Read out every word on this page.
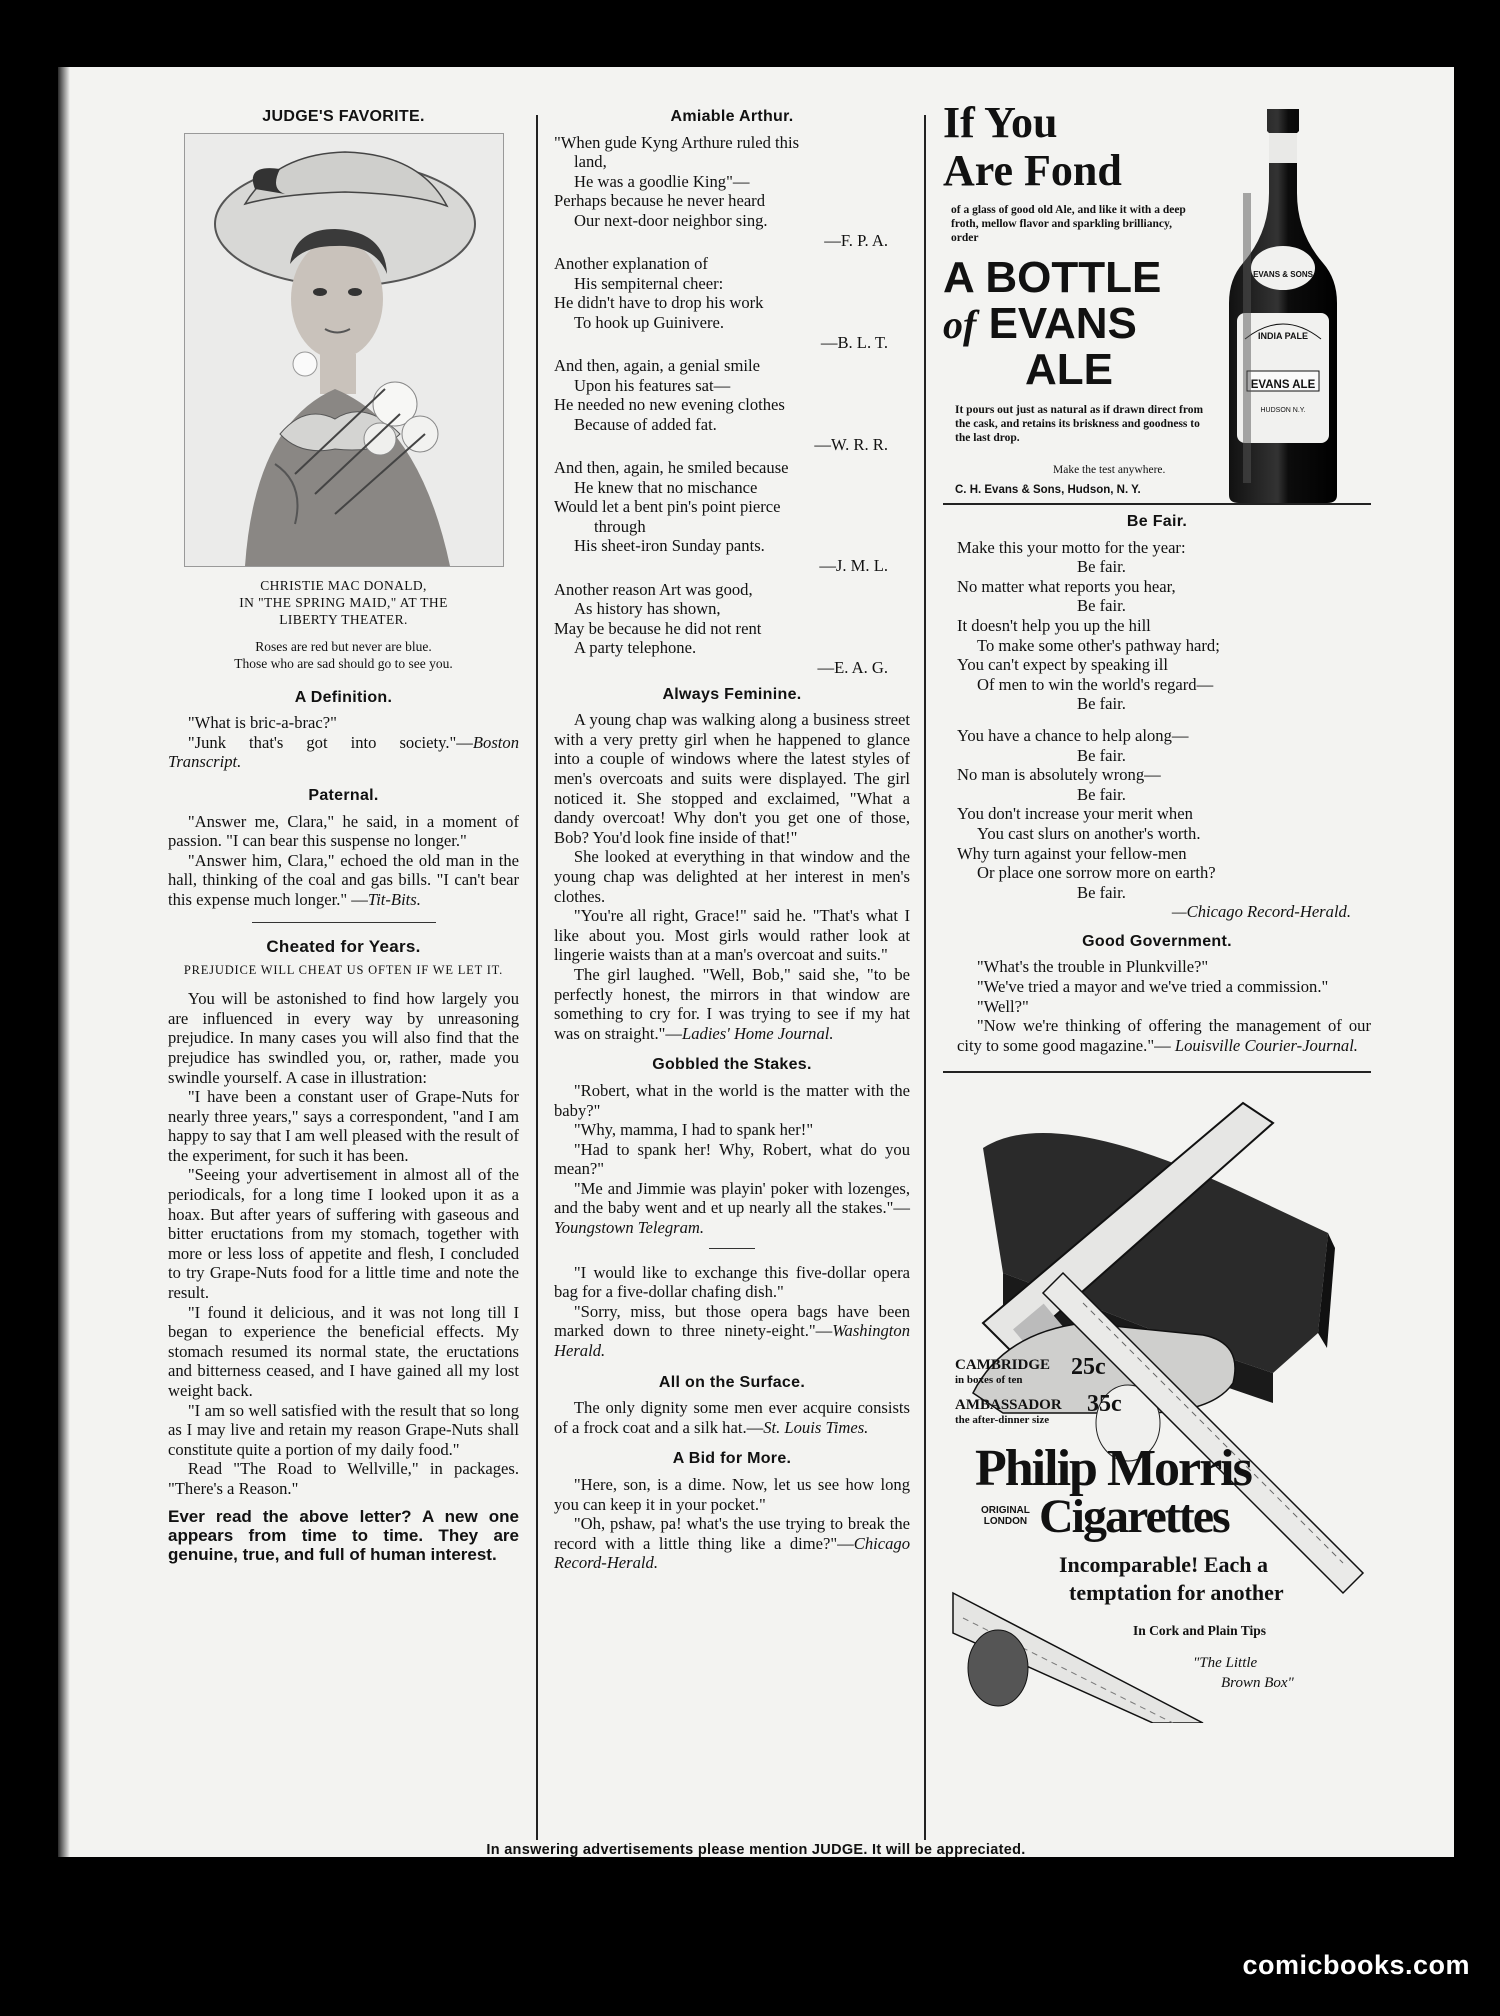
JUDGE'S FAVORITE.
CHRISTIE MAC DONALD,
IN "THE SPRING MAID," AT THE
LIBERTY THEATER.
Roses are red but never are blue.
Those who are sad should go to see you.
A Definition.

"What is bric-a-brac?"

"Junk that's got into society."—Boston Transcript.

Paternal.

"Answer me, Clara," he said, in a moment of passion. "I can bear this suspense no longer."

"Answer him, Clara," echoed the old man in the hall, thinking of the coal and gas bills. "I can't bear this expense much longer." —Tit-Bits.

Cheated for Years.
PREJUDICE WILL CHEAT US OFTEN IF WE LET IT.

You will be astonished to find how largely you are influenced in every way by unreasoning prejudice. In many cases you will also find that the prejudice has swindled you, or, rather, made you swindle yourself. A case in illustration:

"I have been a constant user of Grape-Nuts for nearly three years," says a correspondent, "and I am happy to say that I am well pleased with the result of the experiment, for such it has been.

"Seeing your advertisement in almost all of the periodicals, for a long time I looked upon it as a hoax. But after years of suffering with gaseous and bitter eructations from my stomach, together with more or less loss of appetite and flesh, I concluded to try Grape-Nuts food for a little time and note the result.

"I found it delicious, and it was not long till I began to experience the beneficial effects. My stomach resumed its normal state, the eructations and bitterness ceased, and I have gained all my lost weight back.

"I am so well satisfied with the result that so long as I may live and retain my reason Grape-Nuts shall constitute quite a portion of my daily food."

Read "The Road to Wellville," in packages. "There's a Reason."

Ever read the above letter? A new one appears from time to time. They are genuine, true, and full of human interest.
Amiable Arthur.
"When gude Kyng Arthure ruled this
land,
He was a goodlie King"—
Perhaps because he never heard
Our next-door neighbor sing.
—F. P. A.
Another explanation of
His sempiternal cheer:
He didn't have to drop his work
To hook up Guinivere.
—B. L. T.
And then, again, a genial smile
Upon his features sat—
He needed no new evening clothes
Because of added fat.
—W. R. R.
And then, again, he smiled because
He knew that no mischance
Would let a bent pin's point pierce
through
His sheet-iron Sunday pants.
—J. M. L.
Another reason Art was good,
As history has shown,
May be because he did not rent
A party telephone.
—E. A. G.
Always Feminine.

A young chap was walking along a business street with a very pretty girl when he happened to glance into a couple of windows where the latest styles of men's overcoats and suits were displayed. The girl noticed it. She stopped and exclaimed, "What a dandy overcoat! Why don't you get one of those, Bob? You'd look fine inside of that!"

She looked at everything in that window and the young chap was delighted at her interest in men's clothes.

"You're all right, Grace!" said he. "That's what I like about you. Most girls would rather look at lingerie waists than at a man's overcoat and suits."

The girl laughed. "Well, Bob," said she, "to be perfectly honest, the mirrors in that window are something to cry for. I was trying to see if my hat was on straight."—Ladies' Home Journal.

Gobbled the Stakes.

"Robert, what in the world is the matter with the baby?"

"Why, mamma, I had to spank her!"

"Had to spank her! Why, Robert, what do you mean?"

"Me and Jimmie was playin' poker with lozenges, and the baby went and et up nearly all the stakes."—Youngstown Telegram.

"I would like to exchange this five-dollar opera bag for a five-dollar chafing dish."

"Sorry, miss, but those opera bags have been marked down to three ninety-eight."—Washington Herald.

All on the Surface.

The only dignity some men ever acquire consists of a frock coat and a silk hat.—St. Louis Times.

A Bid for More.

"Here, son, is a dime. Now, let us see how long you can keep it in your pocket."

"Oh, pshaw, pa! what's the use trying to break the record with a little thing like a dime?"—Chicago Record-Herald.

If You
Are Fond
of a glass of good old Ale, and like it with a deep froth, mellow flavor and sparkling brilliancy, order
A BOTTLE
of EVANS
ALE
It pours out just as natural as if drawn direct from the cask, and retains its briskness and goodness to the last drop.
Make the test anywhere.
C. H. Evans & Sons, Hudson, N. Y.
EVANS & SONS
INDIA PALE
EVANS ALE
HUDSON N.Y.
Be Fair.
Make this your motto for the year:
Be fair.
No matter what reports you hear,
Be fair.
It doesn't help you up the hill
To make some other's pathway hard;
You can't expect by speaking ill
Of men to win the world's regard—
Be fair.
You have a chance to help along—
Be fair.
No man is absolutely wrong—
Be fair.
You don't increase your merit when
You cast slurs on another's worth.
Why turn against your fellow-men
Or place one sorrow more on earth?
Be fair.
—Chicago Record-Herald.
Good Government.

"What's the trouble in Plunkville?"

"We've tried a mayor and we've tried a commission."

"Well?"

"Now we're thinking of offering the management of our city to some good magazine."— Louisville Courier-Journal.

CAMBRIDGE
in boxes of ten	25c
AMBASSADOR
the after-dinner size
35c
Philip Morris
ORIGINAL
LONDON Cigarettes
Incomparable! Each a
temptation for another
In Cork and Plain Tips
"The Little
Brown Box"
In answering advertisements please mention JUDGE. It will be appreciated.
comicbooks.com
